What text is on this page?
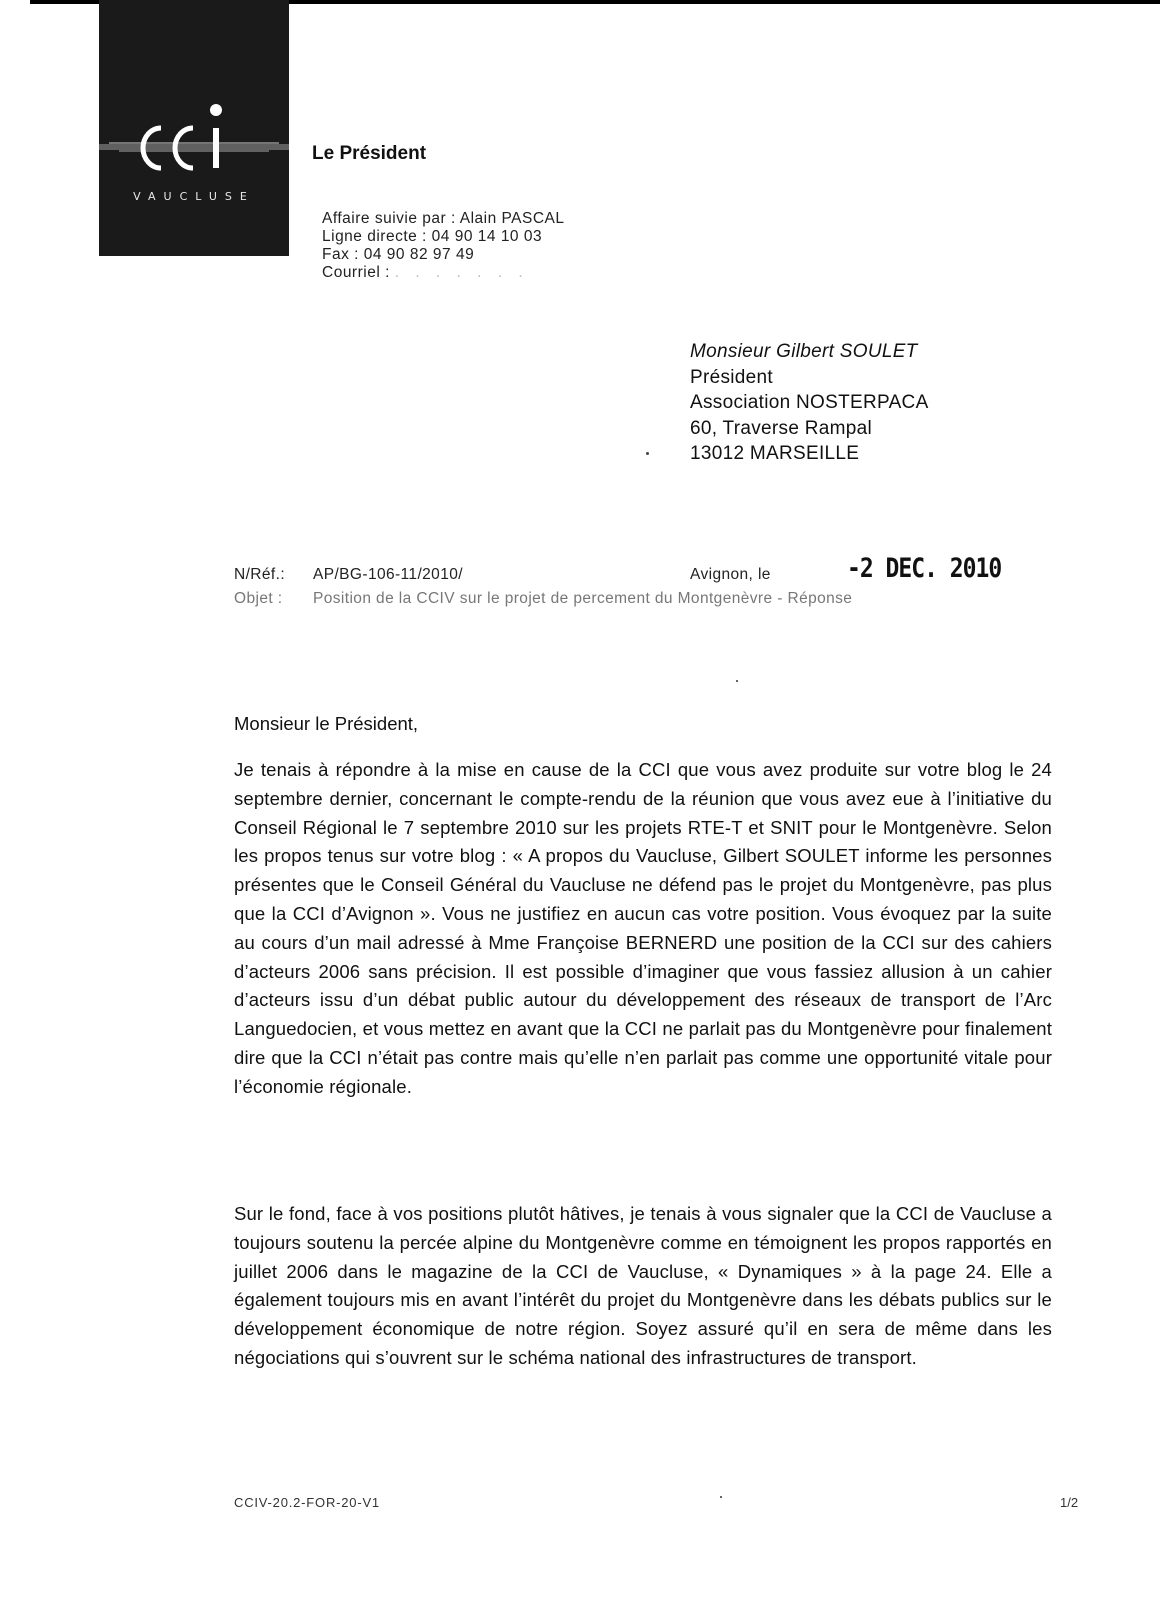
VAUCLUSE
Le Président
Affaire suivie par : Alain PASCAL
Ligne directe : 04 90 14 10 03
Fax : 04 90 82 97 49
Courriel : . . . . . . .
Monsieur Gilbert SOULET
Président
Association NOSTERPACA
60, Traverse Rampal
13012 MARSEILLE
N/Réf.: AP/BG-106-11/2010/	Avignon, le	-2 DEC. 2010
Objet : Position de la CCIV sur le projet de percement du Montgenèvre - Réponse
Monsieur le Président,

Je tenais à répondre à la mise en cause de la CCI que vous avez produite sur votre blog le 24 septembre dernier, concernant le compte-rendu de la réunion que vous avez eue à l’initiative du Conseil Régional le 7 septembre 2010 sur les projets RTE-T et SNIT pour le Montgenèvre. Selon les propos tenus sur votre blog : « A propos du Vaucluse, Gilbert SOULET informe les personnes présentes que le Conseil Général du Vaucluse ne défend pas le projet du Montgenèvre, pas plus que la CCI d’Avignon ». Vous ne justifiez en aucun cas votre position. Vous évoquez par la suite au cours d’un mail adressé à Mme Françoise BERNERD une position de la CCI sur des cahiers d’acteurs 2006 sans précision. Il est possible d’imaginer que vous fassiez allusion à un cahier d’acteurs issu d’un débat public autour du développement des réseaux de transport de l’Arc Languedocien, et vous mettez en avant que la CCI ne parlait pas du Montgenèvre pour finalement dire que la CCI n’était pas contre mais qu’elle n’en parlait pas comme une opportunité vitale pour l’économie régionale.

Sur le fond, face à vos positions plutôt hâtives, je tenais à vous signaler que la CCI de Vaucluse a toujours soutenu la percée alpine du Montgenèvre comme en témoignent les propos rapportés en juillet 2006 dans le magazine de la CCI de Vaucluse, « Dynamiques » à la page 24. Elle a également toujours mis en avant l’intérêt du projet du Montgenèvre dans les débats publics sur le développement économique de notre région. Soyez assuré qu’il en sera de même dans les négociations qui s’ouvrent sur le schéma national des infrastructures de transport.

CCIV-20.2-FOR-20-V1	1/2
